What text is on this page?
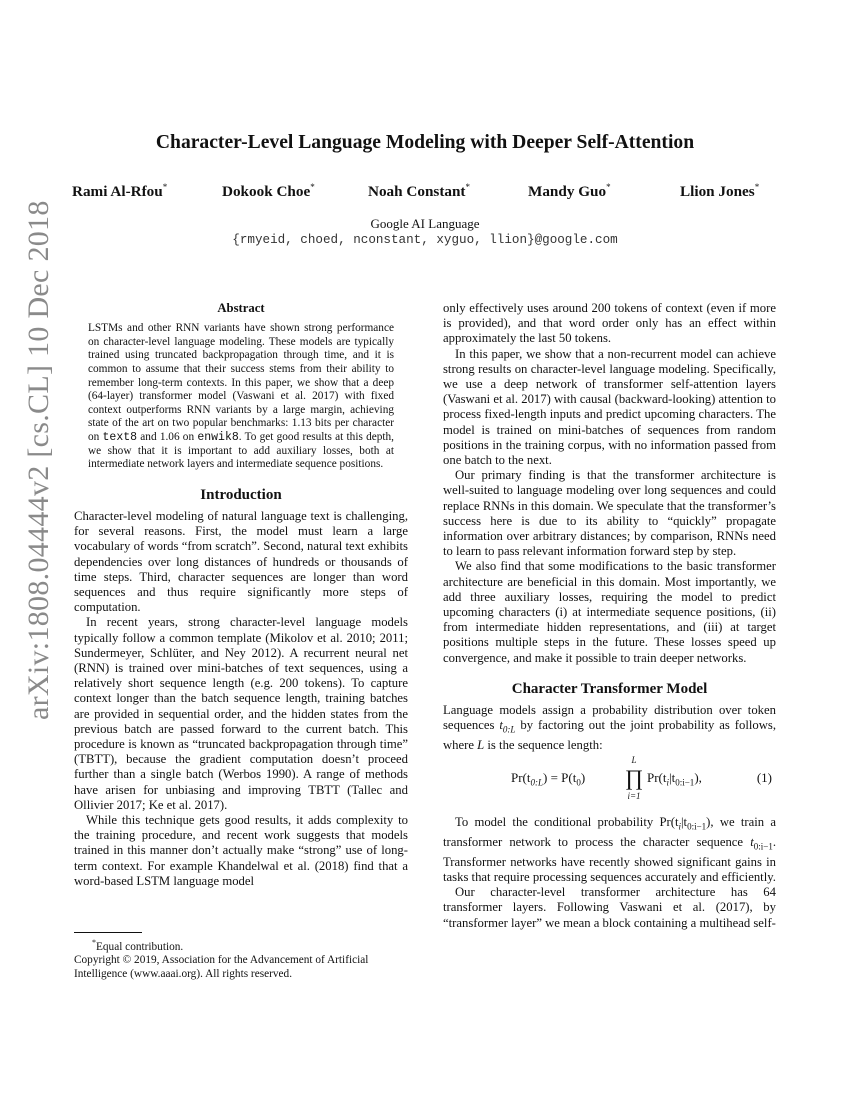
arXiv:1808.04444v2 [cs.CL] 10 Dec 2018
Character-Level Language Modeling with Deeper Self-Attention
Rami Al-Rfou*	Dokook Choe*	Noah Constant*	Mandy Guo*	Llion Jones*
Google AI Language
{rmyeid, choed, nconstant, xyguo, llion}@google.com
Abstract
LSTMs and other RNN variants have shown strong performance on character-level language modeling. These models are typically trained using truncated backpropagation through time, and it is common to assume that their success stems from their ability to remember long-term contexts. In this paper, we show that a deep (64-layer) transformer model (Vaswani et al. 2017) with fixed context outperforms RNN variants by a large margin, achieving state of the art on two popular benchmarks: 1.13 bits per character on text8 and 1.06 on enwik8. To get good results at this depth, we show that it is important to add auxiliary losses, both at intermediate network layers and intermediate sequence positions.
Introduction

Character-level modeling of natural language text is challenging, for several reasons. First, the model must learn a large vocabulary of words “from scratch”. Second, natural text exhibits dependencies over long distances of hundreds or thousands of time steps. Third, character sequences are longer than word sequences and thus require significantly more steps of computation.

In recent years, strong character-level language models typically follow a common template (Mikolov et al. 2010; 2011; Sundermeyer, Schlüter, and Ney 2012). A recurrent neural net (RNN) is trained over mini-batches of text sequences, using a relatively short sequence length (e.g. 200 tokens). To capture context longer than the batch sequence length, training batches are provided in sequential order, and the hidden states from the previous batch are passed forward to the current batch. This procedure is known as “truncated backpropagation through time” (TBTT), because the gradient computation doesn’t proceed further than a single batch (Werbos 1990). A range of methods have arisen for unbiasing and improving TBTT (Tallec and Ollivier 2017; Ke et al. 2017).

While this technique gets good results, it adds complexity to the training procedure, and recent work suggests that models trained in this manner don’t actually make “strong” use of long-term context. For example Khandelwal et al. (2018) find that a word-based LSTM language model

*Equal contribution.

Copyright © 2019, Association for the Advancement of Artificial Intelligence (www.aaai.org). All rights reserved.

only effectively uses around 200 tokens of context (even if more is provided), and that word order only has an effect within approximately the last 50 tokens.

In this paper, we show that a non-recurrent model can achieve strong results on character-level language modeling. Specifically, we use a deep network of transformer self-attention layers (Vaswani et al. 2017) with causal (backward-looking) attention to process fixed-length inputs and predict upcoming characters. The model is trained on mini-batches of sequences from random positions in the training corpus, with no information passed from one batch to the next.

Our primary finding is that the transformer architecture is well-suited to language modeling over long sequences and could replace RNNs in this domain. We speculate that the transformer’s success here is due to its ability to “quickly” propagate information over arbitrary distances; by comparison, RNNs need to learn to pass relevant information forward step by step.

We also find that some modifications to the basic transformer architecture are beneficial in this domain. Most importantly, we add three auxiliary losses, requiring the model to predict upcoming characters (i) at intermediate sequence positions, (ii) from intermediate hidden representations, and (iii) at target positions multiple steps in the future. These losses speed up convergence, and make it possible to train deeper networks.

Character Transformer Model

Language models assign a probability distribution over token sequences $t_{0:L}$ by factoring out the joint probability as follows, where L is the sequence length:

$Pr(t_{0:L}) = P(t_0)$
L
∏
i=1
$Pr(t_i|t_{0:i-1})$,	(1)

To model the conditional probability $Pr(t_i|t_{0:i-1})$, we train a transformer network to process the character sequence $t_{0:i-1}$. Transformer networks have recently showed significant gains in tasks that require processing sequences accurately and efficiently.

Our character-level transformer architecture has 64 transformer layers. Following Vaswani et al. (2017), by “transformer layer” we mean a block containing a multihead self-
